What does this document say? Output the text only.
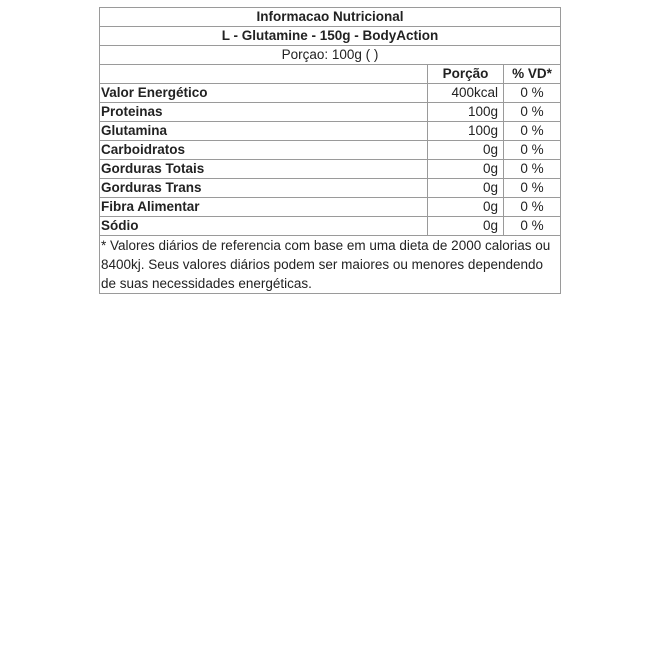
Informacao Nutricional
L - Glutamine - 150g - BodyAction
Porçao: 100g ( )
	Porção	% VD*
Valor Energético	400kcal	0 %
Proteinas	100g	0 %
Glutamina	100g	0 %
Carboidratos	0g	0 %
Gorduras Totais	0g	0 %
Gorduras Trans	0g	0 %
Fibra Alimentar	0g	0 %
Sódio	0g	0 %
* Valores diários de referencia com base em uma dieta de 2000 calorias ou 8400kj. Seus valores diários podem ser maiores ou menores dependendo de suas necessidades energéticas.
